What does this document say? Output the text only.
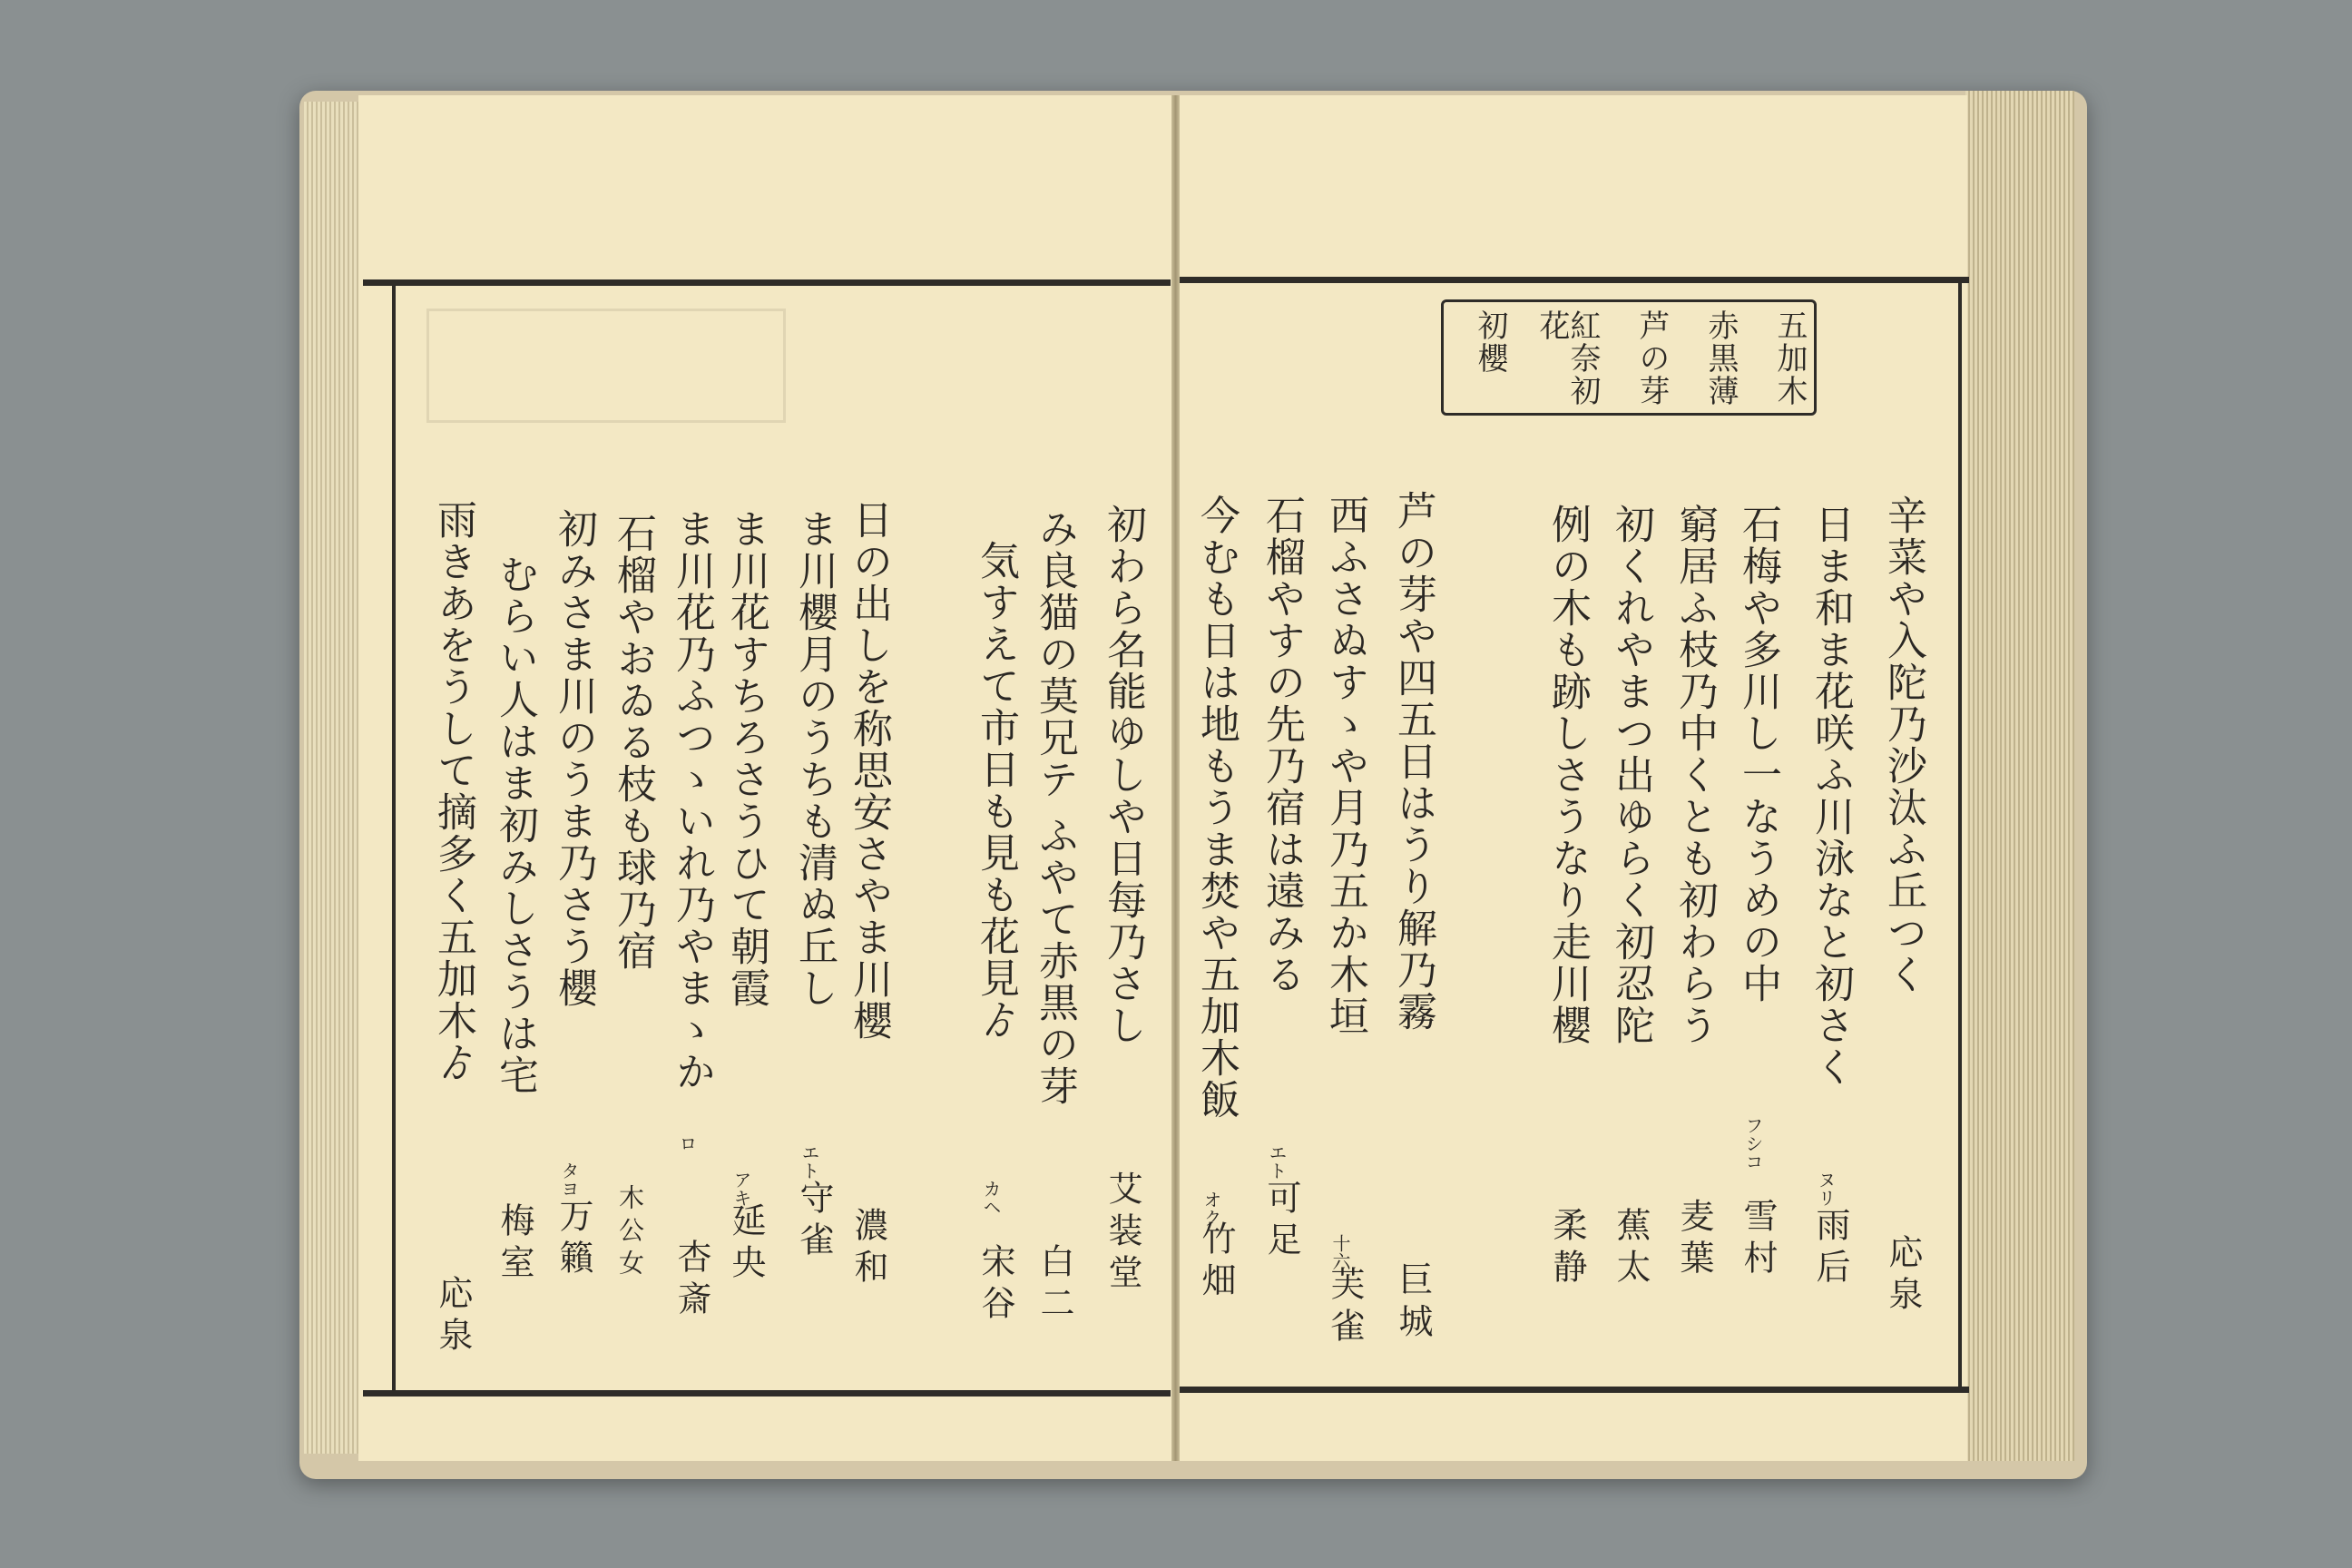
五加木
赤黒薄
芦の芽
紅奈初花
初櫻
辛菜や入陀乃沙汰ふ丘つく
応泉
日ま和ま花咲ふ川泳なと初さく
ヌリ
雨后
石梅や多川し一なうめの中
フシコ
雪村
窮居ふ枝乃中くとも初わらう
麦葉
初くれやまつ出ゆらく初忍陀
蕉太
例の木も跡しさうなり走川櫻
柔静
芦の芽や四五日はうり解乃霧
巨城
西ふさぬすゝや月乃五か木垣
十六
芙雀
石榴やすの先乃宿は遠みる
エト
可足
今むも日は地もうま焚や五加木飯
オク
竹畑
初わら名能ゆしや日每乃さし
艾装堂
み良猫の莫兄テ ふやて赤黒の芽
白二
気すえて市日も見も花見ゟ
カヘ
宋谷
日の出しを称思安さやま川櫻
濃和
ま川櫻月のうちも清ぬ丘し
エト
守雀
ま川花すちろさうひて朝霞
アキ
延央
ま川花乃ふつゝいれ乃やまゝか
ロ
杏斎
石榴やおゐる枝も球乃宿
木公女
初みさま川のうま乃さう櫻
タヨ
万籟
むらい人はま初みしさうは宅
梅室
雨きあをうして摘多く五加木ゟ
応泉
